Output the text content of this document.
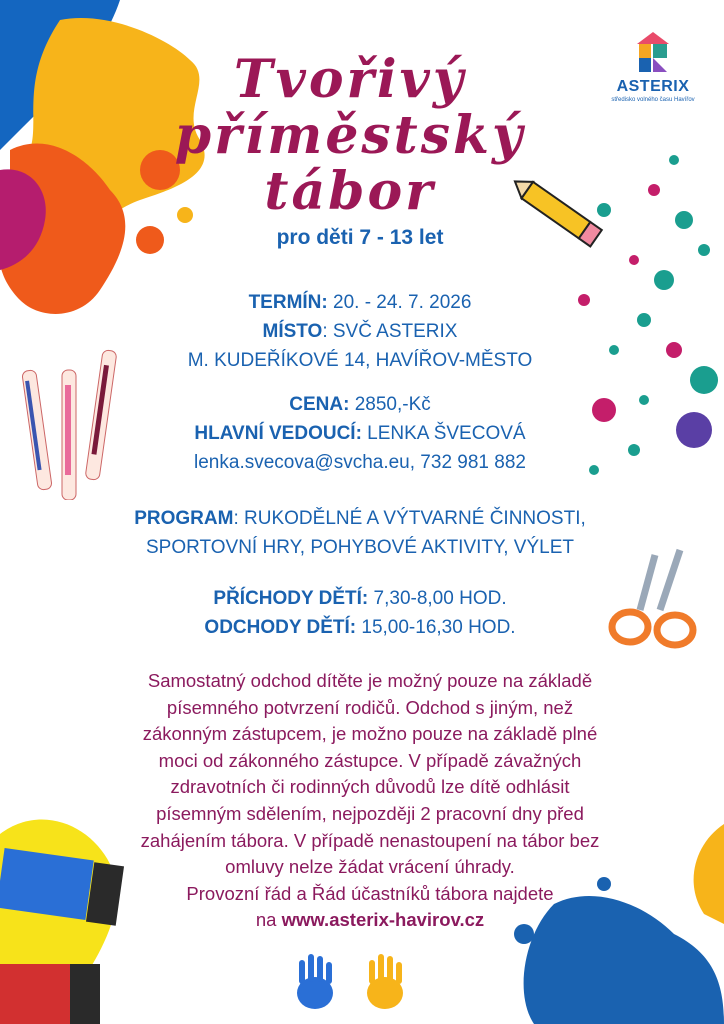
ASTERIX
středisko volného času Havířov
Tvořivý
příměstský
tábor
pro děti 7 - 13 let
TERMÍN: 20. - 24. 7. 2026
MÍSTO: SVČ ASTERIX
M. KUDEŘÍKOVÉ 14, HAVÍŘOV-MĚSTO
CENA: 2850,-Kč
HLAVNÍ VEDOUCÍ: LENKA ŠVECOVÁ
lenka.svecova@svcha.eu, 732 981 882
PROGRAM: RUKODĚLNÉ A VÝTVARNÉ ČINNOSTI,
SPORTOVNÍ HRY, POHYBOVÉ AKTIVITY, VÝLET
PŘÍCHODY DĚTÍ: 7,30-8,00 HOD.
ODCHODY DĚTÍ: 15,00-16,30 HOD.
Samostatný odchod dítěte je možný pouze na základě
písemného potvrzení rodičů. Odchod s jiným, než
zákonným zástupcem, je možno pouze na základě plné
moci od zákonného zástupce. V případě závažných
zdravotních či rodinných důvodů lze dítě odhlásit
písemným sdělením, nejpozději 2 pracovní dny před
zahájením tábora. V případě nenastoupení na tábor bez
omluvy nelze žádat vrácení úhrady.
Provozní řád a Řád účastníků tábora najdete
na www.asterix-havirov.cz
